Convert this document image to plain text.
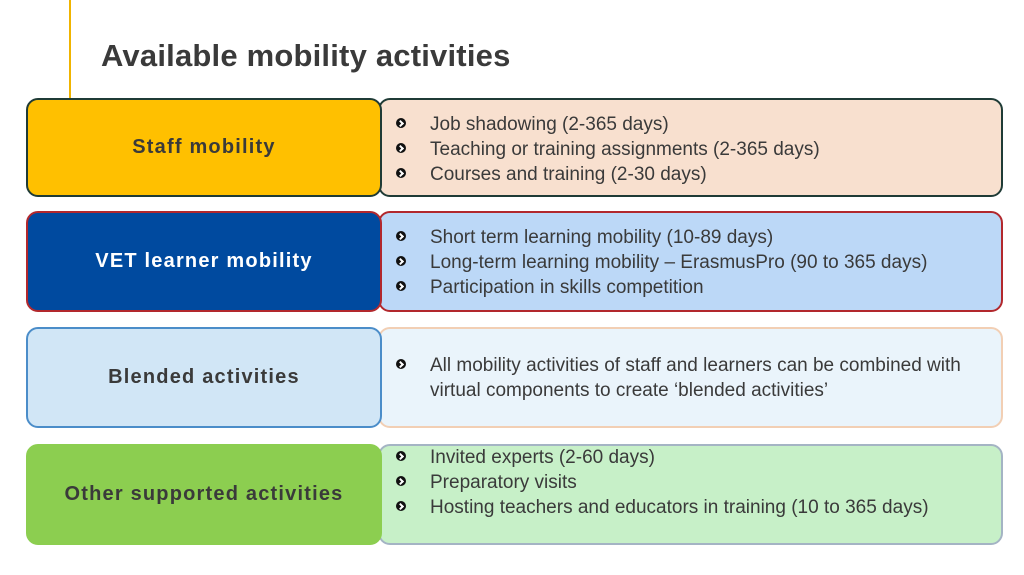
Available mobility activities
Staff mobility
Job shadowing (2-365 days)
Teaching or training assignments (2-365 days)
Courses and training (2-30 days)
VET learner mobility
Short term learning mobility (10-89 days)
Long-term learning mobility – ErasmusPro (90 to 365 days)
Participation in skills competition
Blended activities
All mobility activities of staff and learners can be combined with virtual components to create ‘blended activities’
Other supported activities
Invited experts (2-60 days)
Preparatory visits
Hosting teachers and educators in training (10 to 365 days)
